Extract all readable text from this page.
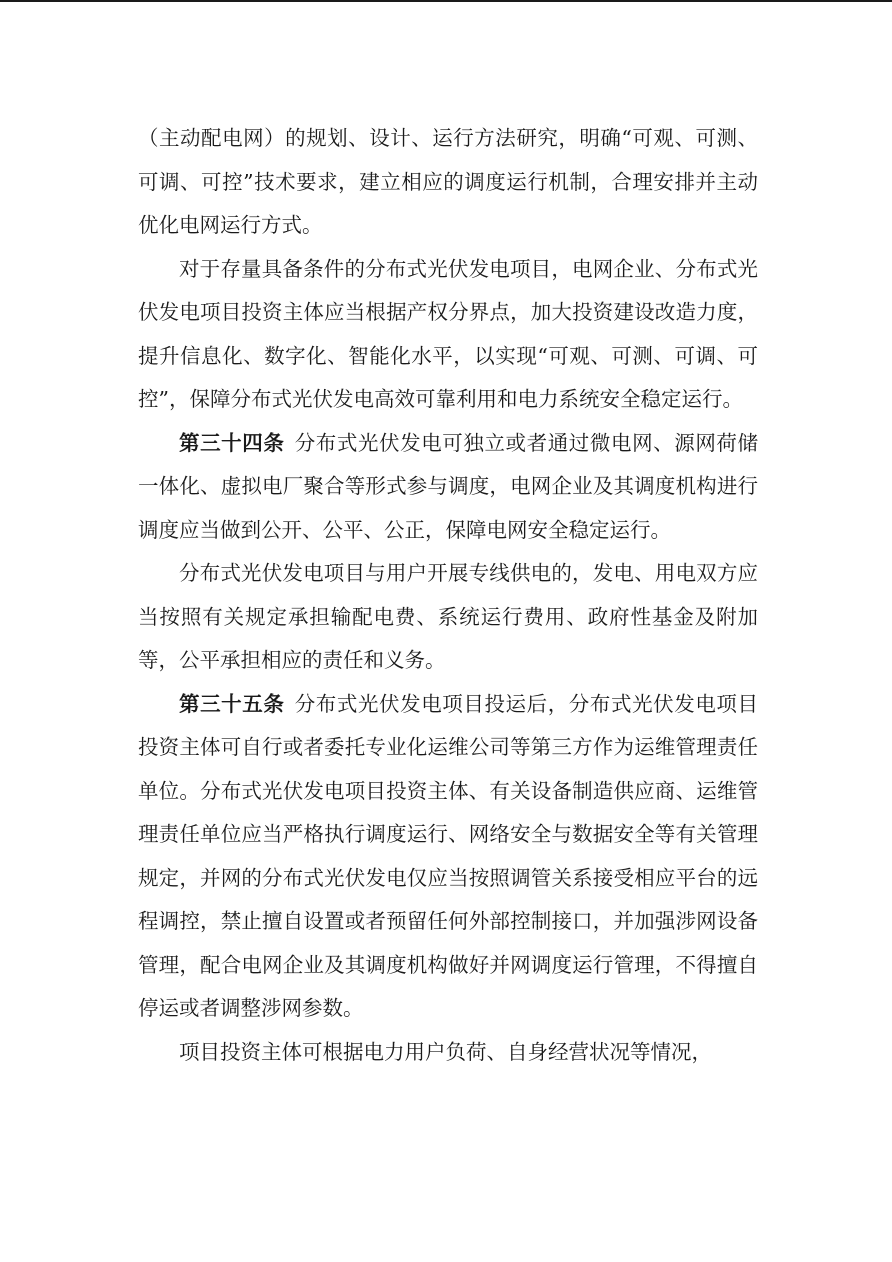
（主动配电网）的规划、设计、运行方法研究，明确“可观、可测、可调、可控”技术要求，建立相应的调度运行机制，合理安排并主动优化电网运行方式。

对于存量具备条件的分布式光伏发电项目，电网企业、分布式光伏发电项目投资主体应当根据产权分界点，加大投资建设改造力度，提升信息化、数字化、智能化水平，以实现“可观、可测、可调、可控”，保障分布式光伏发电高效可靠利用和电力系统安全稳定运行。

第三十四条 分布式光伏发电可独立或者通过微电网、源网荷储一体化、虚拟电厂聚合等形式参与调度，电网企业及其调度机构进行调度应当做到公开、公平、公正，保障电网安全稳定运行。

分布式光伏发电项目与用户开展专线供电的，发电、用电双方应当按照有关规定承担输配电费、系统运行费用、政府性基金及附加等，公平承担相应的责任和义务。

第三十五条 分布式光伏发电项目投运后，分布式光伏发电项目投资主体可自行或者委托专业化运维公司等第三方作为运维管理责任单位。分布式光伏发电项目投资主体、有关设备制造供应商、运维管理责任单位应当严格执行调度运行、网络安全与数据安全等有关管理规定，并网的分布式光伏发电仅应当按照调管关系接受相应平台的远程调控，禁止擅自设置或者预留任何外部控制接口，并加强涉网设备管理，配合电网企业及其调度机构做好并网调度运行管理，不得擅自停运或者调整涉网参数。

项目投资主体可根据电力用户负荷、自身经营状况等情况，
